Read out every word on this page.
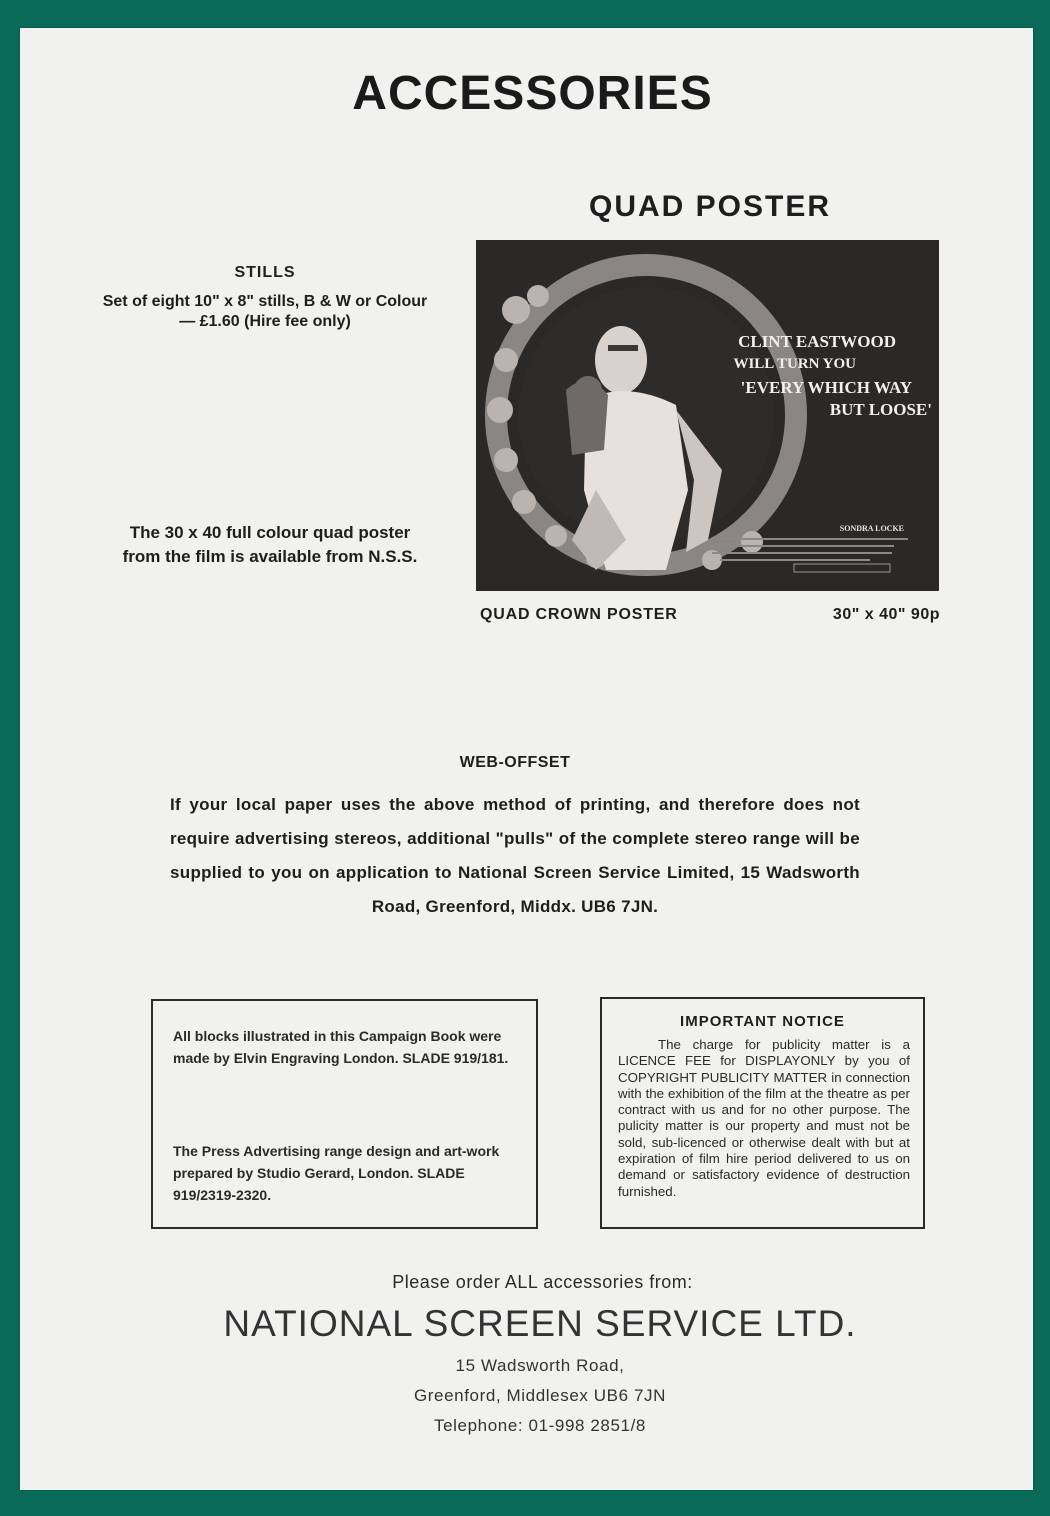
ACCESSORIES
QUAD POSTER
STILLS
Set of eight 10" x 8" stills, B & W or Colour — £1.60 (Hire fee only)
The 30 x 40 full colour quad poster from the film is available from N.S.S.
CLINT EASTWOOD
WILL TURN YOU
'EVERY WHICH WAY
BUT LOOSE'
SONDRA LOCKE
QUAD CROWN POSTER	30" x 40" 90p
WEB-OFFSET
If your local paper uses the above method of printing, and therefore does not require advertising stereos, additional "pulls" of the complete stereo range will be supplied to you on application to National Screen Service Limited, 15 Wadsworth Road, Greenford, Middx. UB6 7JN.

All blocks illustrated in this Campaign Book were made by Elvin Engraving London. SLADE 919/181.

The Press Advertising range design and art-work prepared by Studio Gerard, London. SLADE 919/2319-2320.

IMPORTANT NOTICE
The charge for publicity matter is a LICENCE FEE for DISPLAYONLY by you of COPYRIGHT PUBLICITY MATTER in connection with the exhibition of the film at the theatre as per contract with us and for no other purpose. The pulicity matter is our property and must not be sold, sub-licenced or otherwise dealt with but at expiration of film hire period delivered to us on demand or satisfactory evidence of destruction furnished.
Please order ALL accessories from:
NATIONAL SCREEN SERVICE LTD.
15 Wadsworth Road,
Greenford, Middlesex UB6 7JN
Telephone: 01-998 2851/8
